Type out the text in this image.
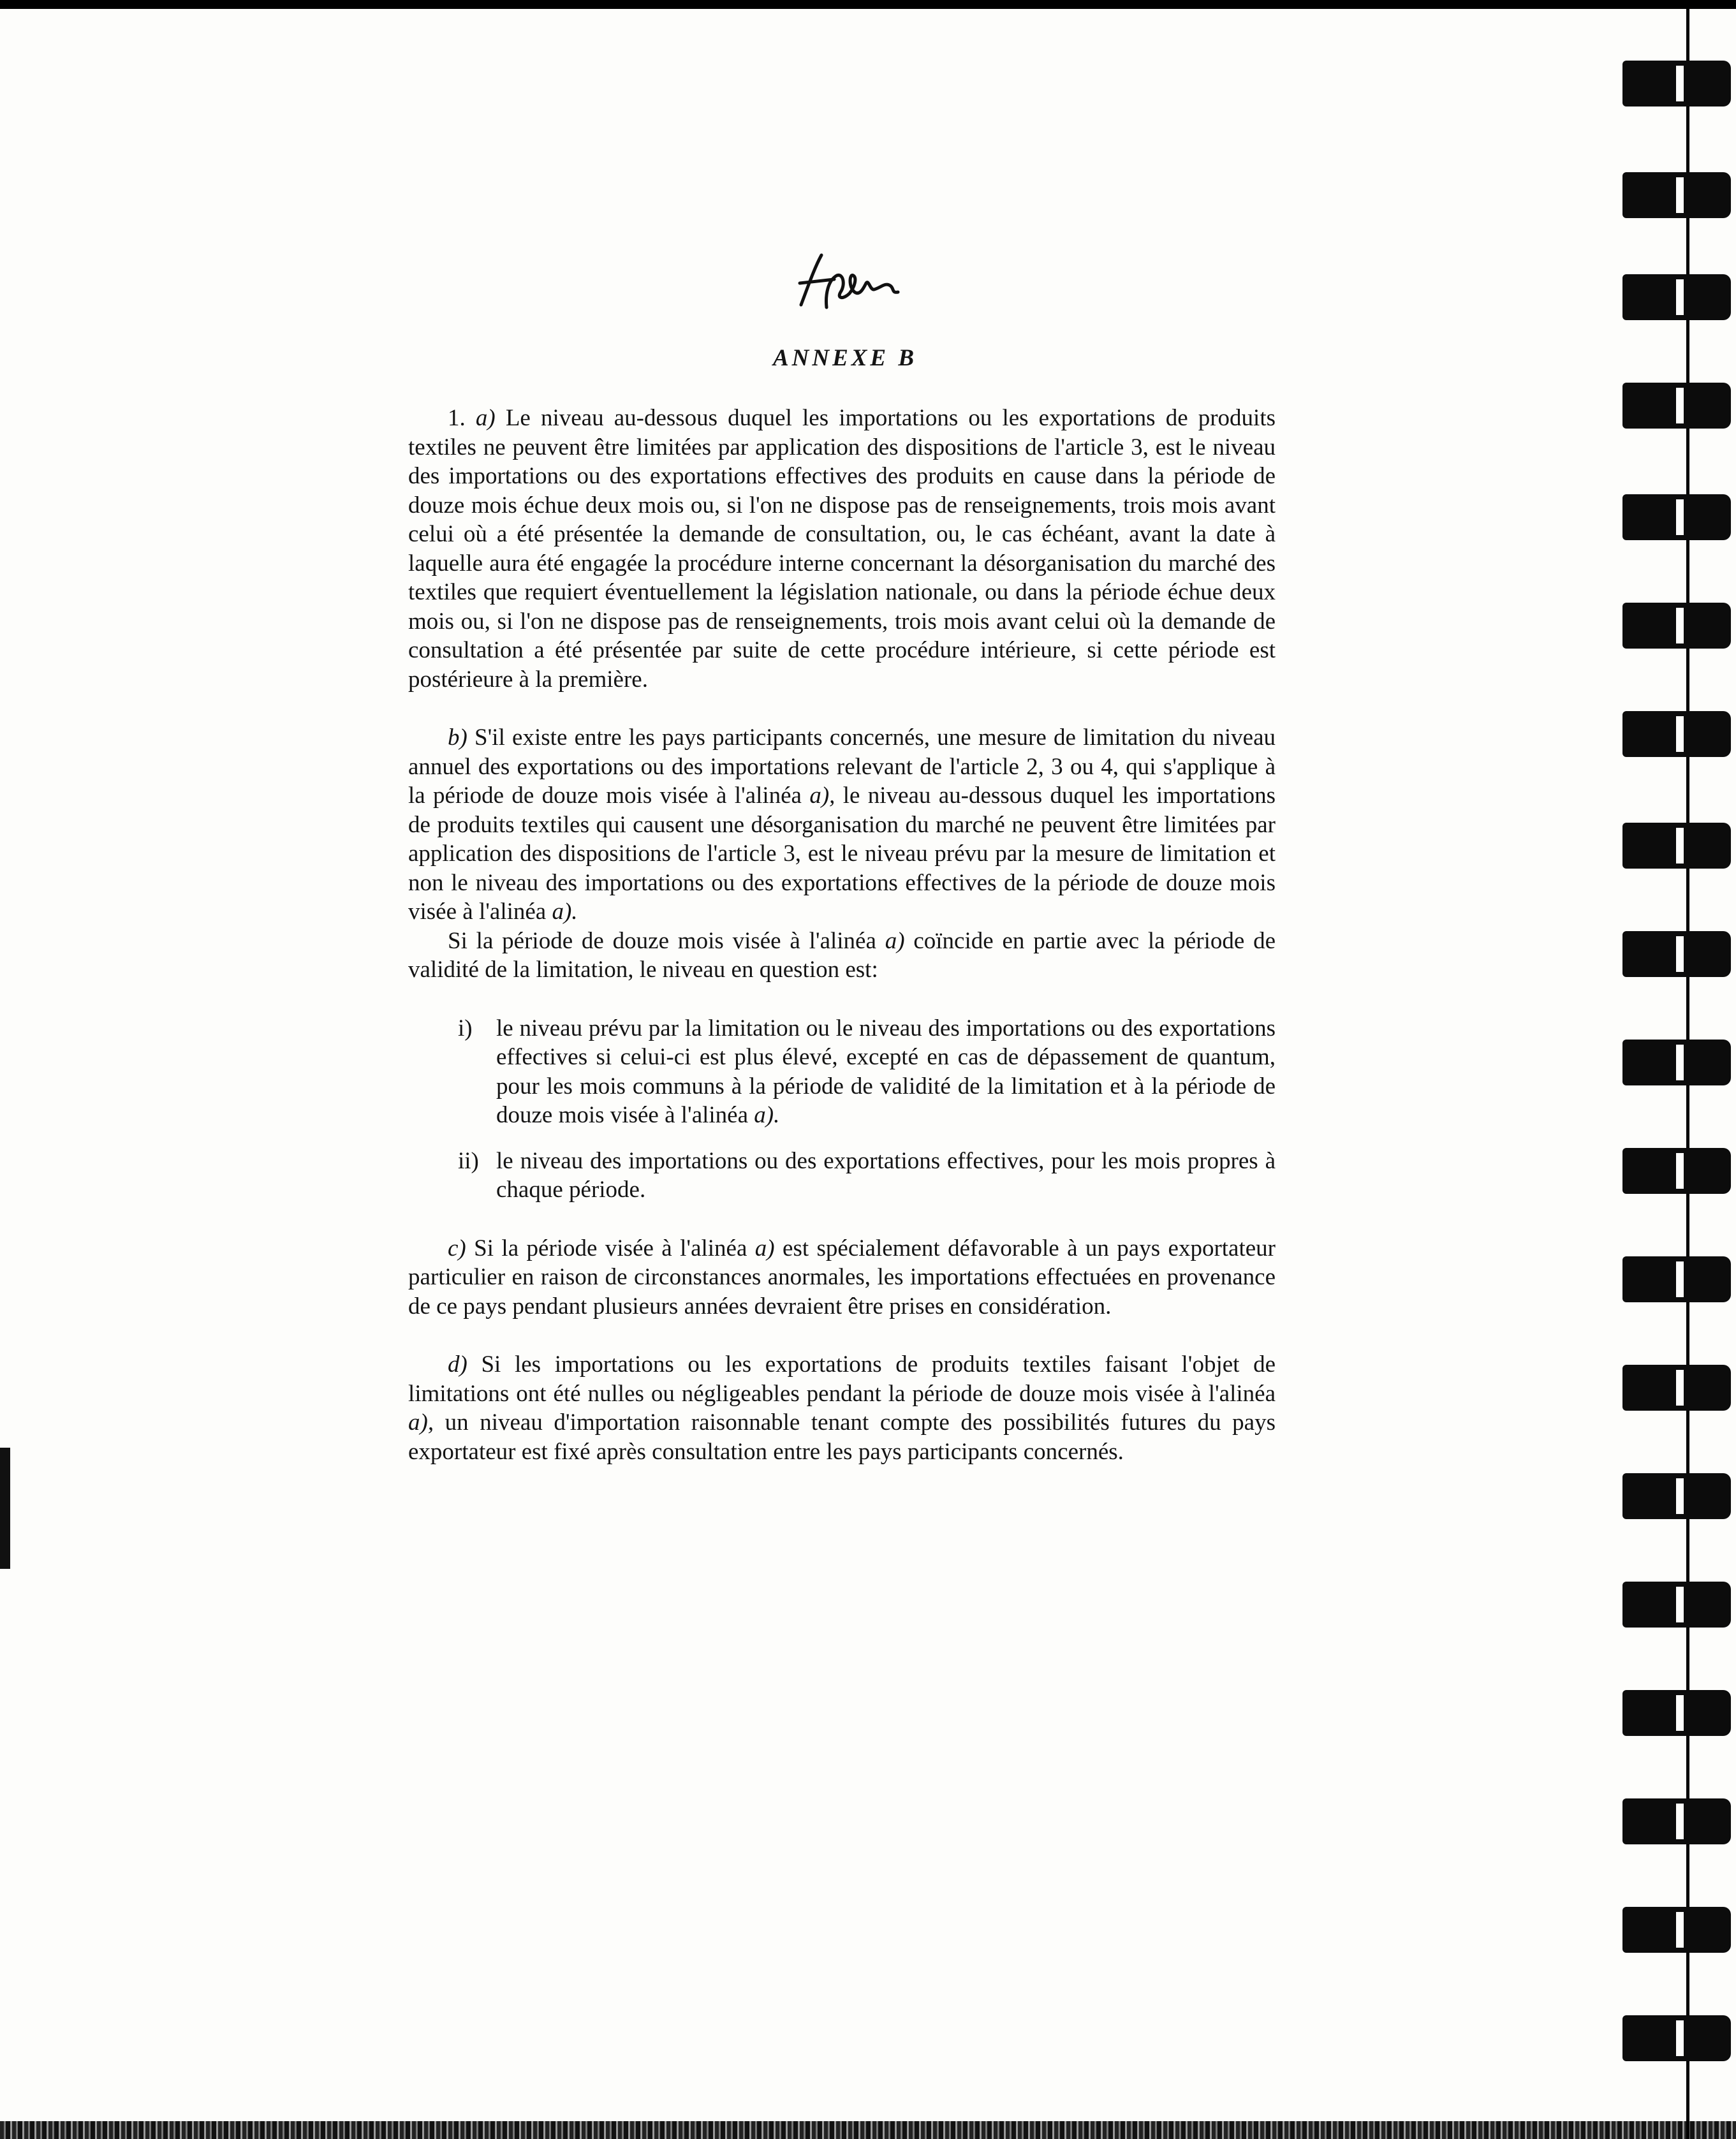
ANNEXE B

1. a) Le niveau au-dessous duquel les importations ou les exportations de produits textiles ne peuvent être limitées par application des dispositions de l'article 3, est le niveau des importations ou des exportations effectives des produits en cause dans la période de douze mois échue deux mois ou, si l'on ne dispose pas de renseignements, trois mois avant celui où a été présentée la demande de consultation, ou, le cas échéant, avant la date à laquelle aura été engagée la procédure interne concernant la désorganisation du marché des textiles que requiert éventuellement la législation nationale, ou dans la période échue deux mois ou, si l'on ne dispose pas de renseignements, trois mois avant celui où la demande de consultation a été présentée par suite de cette procédure intérieure, si cette période est postérieure à la première.

b) S'il existe entre les pays participants concernés, une mesure de limitation du niveau annuel des exportations ou des importations relevant de l'article 2, 3 ou 4, qui s'applique à la période de douze mois visée à l'alinéa a), le niveau au-dessous duquel les importations de produits textiles qui causent une désorganisation du marché ne peuvent être limitées par application des dispositions de l'article 3, est le niveau prévu par la mesure de limitation et non le niveau des importations ou des exportations effectives de la période de douze mois visée à l'alinéa a).

Si la période de douze mois visée à l'alinéa a) coïncide en partie avec la période de validité de la limitation, le niveau en question est:

i) le niveau prévu par la limitation ou le niveau des importations ou des exportations effectives si celui-ci est plus élevé, excepté en cas de dépassement de quantum, pour les mois communs à la période de validité de la limitation et à la période de douze mois visée à l'alinéa a).
ii) le niveau des importations ou des exportations effectives, pour les mois propres à chaque période.

c) Si la période visée à l'alinéa a) est spécialement défavorable à un pays exportateur particulier en raison de circonstances anormales, les importations effectuées en provenance de ce pays pendant plusieurs années devraient être prises en considération.

d) Si les importations ou les exportations de produits textiles faisant l'objet de limitations ont été nulles ou négligeables pendant la période de douze mois visée à l'alinéa a), un niveau d'importation raisonnable tenant compte des possibilités futures du pays exportateur est fixé après consultation entre les pays participants concernés.
